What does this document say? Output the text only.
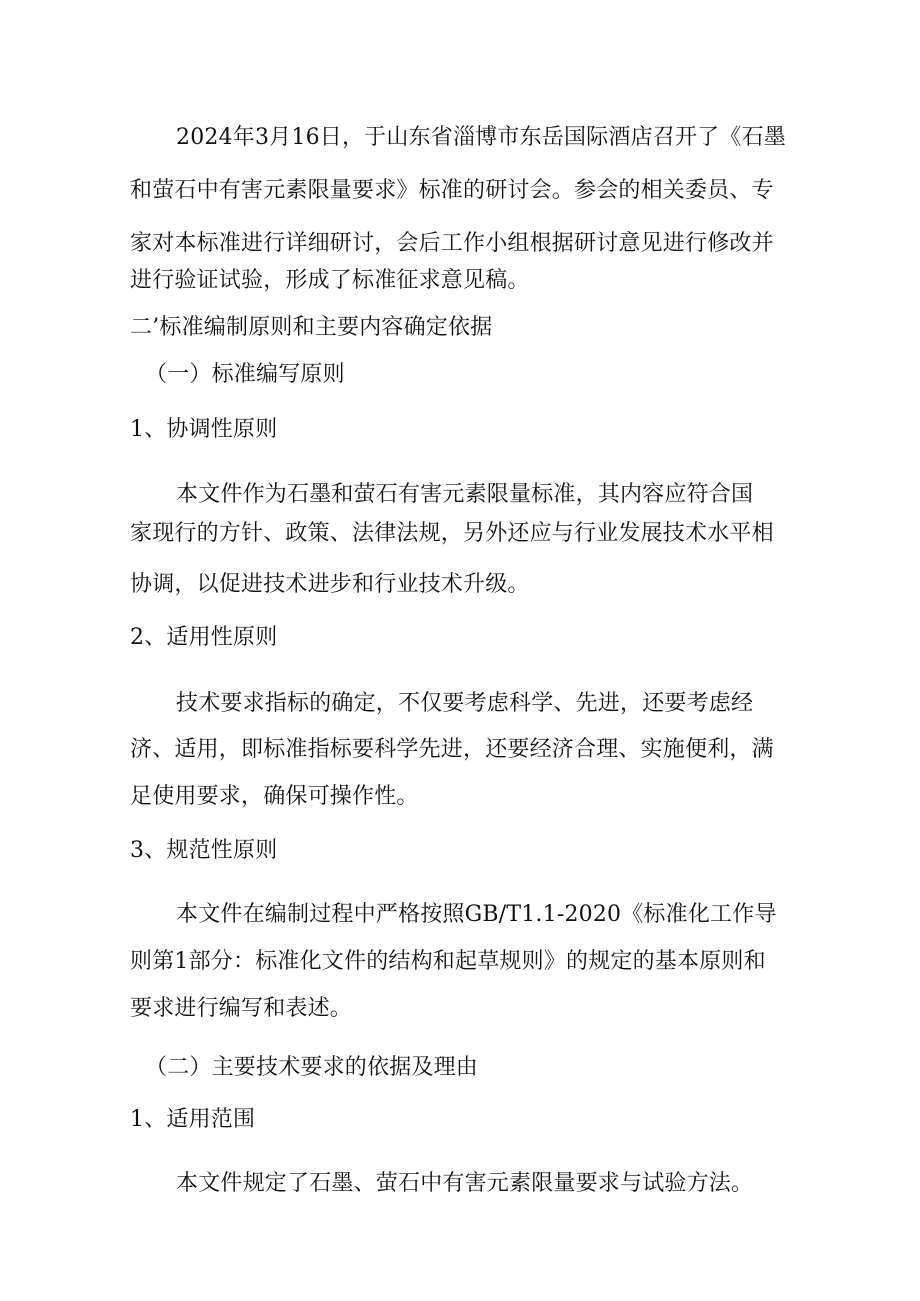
2024年3月16日，于山东省淄博市东岳国际酒店召开了《石墨
和萤石中有害元素限量要求》标准的研讨会。参会的相关委员、专
家对本标准进行详细研讨，会后工作小组根据研讨意见进行修改并
进行验证试验，形成了标准征求意见稿。
二’标准编制原则和主要内容确定依据
（一）标准编写原则
1、协调性原则
本文件作为石墨和萤石有害元素限量标准，其内容应符合国
家现行的方针、政策、法律法规，另外还应与行业发展技术水平相
协调，以促进技术进步和行业技术升级。
2、适用性原则
技术要求指标的确定，不仅要考虑科学、先进，还要考虑经
济、适用，即标准指标要科学先进，还要经济合理、实施便利，满
足使用要求，确保可操作性。
3、规范性原则
本文件在编制过程中严格按照GB/T1.1-2020《标准化工作导
则第1部分：标准化文件的结构和起草规则》的规定的基本原则和
要求进行编写和表述。
（二）主要技术要求的依据及理由
1、适用范围
本文件规定了石墨、萤石中有害元素限量要求与试验方法。
